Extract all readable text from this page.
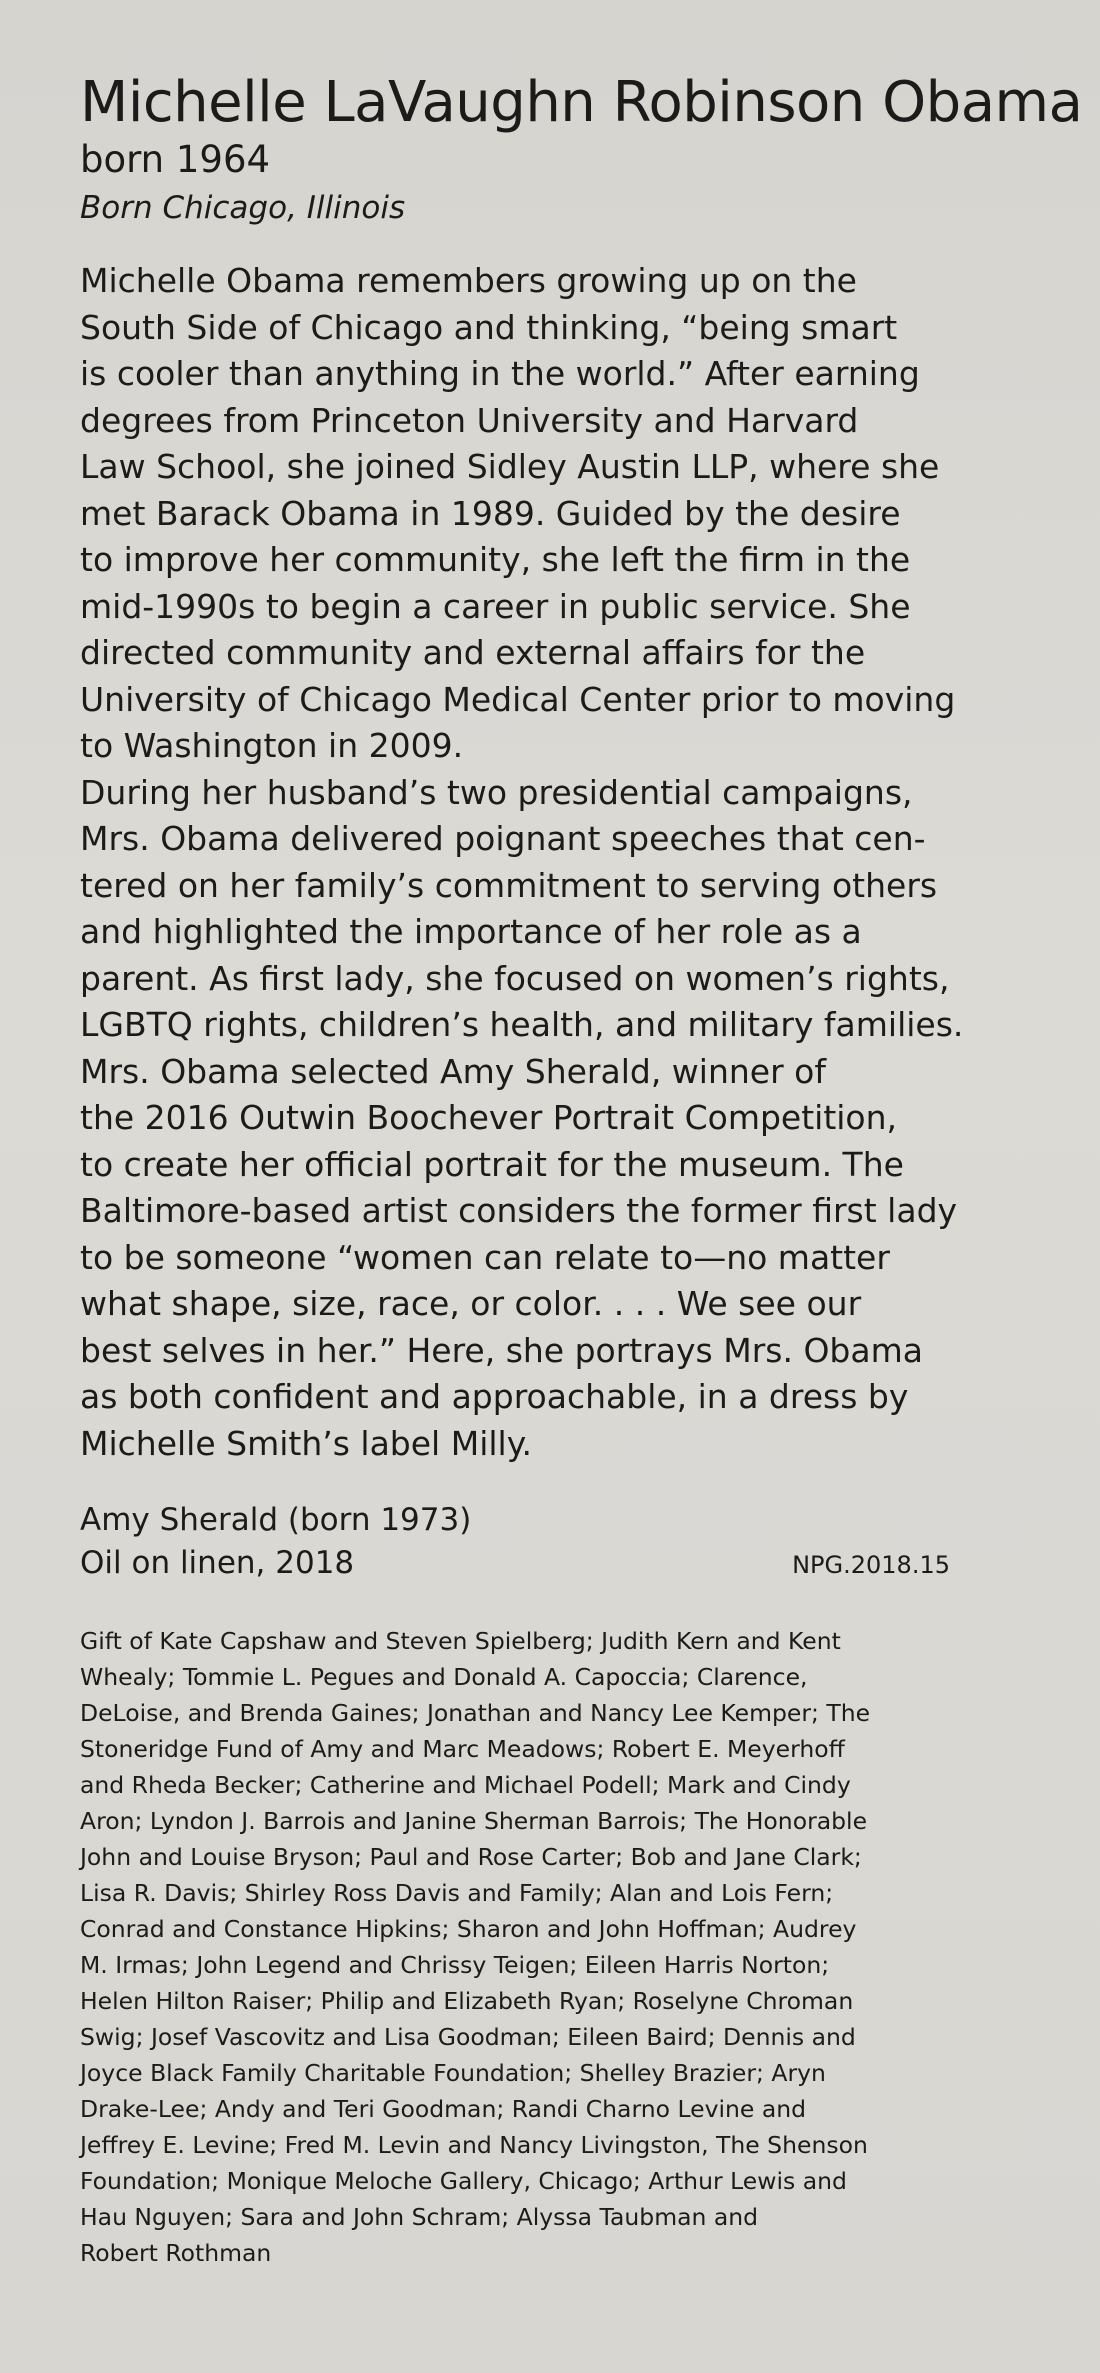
Michelle LaVaughn Robinson Obama
born 1964
Born Chicago, Illinois

Michelle Obama remembers growing up on the
South Side of Chicago and thinking, “being smart
is cooler than anything in the world.” After earning
degrees from Princeton University and Harvard
Law School, she joined Sidley Austin LLP, where she
met Barack Obama in 1989. Guided by the desire
to improve her community, she left the firm in the
mid-1990s to begin a career in public service. She
directed community and external affairs for the
University of Chicago Medical Center prior to moving
to Washington in 2009.

During her husband’s two presidential campaigns,
Mrs. Obama delivered poignant speeches that cen-
tered on her family’s commitment to serving others
and highlighted the importance of her role as a
parent. As first lady, she focused on women’s rights,
LGBTQ rights, children’s health, and military families.

Mrs. Obama selected Amy Sherald, winner of
the 2016 Outwin Boochever Portrait Competition,
to create her official portrait for the museum. The
Baltimore-based artist considers the former first lady
to be someone “women can relate to—no matter
what shape, size, race, or color. . . . We see our
best selves in her.” Here, she portrays Mrs. Obama
as both confident and approachable, in a dress by
Michelle Smith’s label Milly.

Amy Sherald (born 1973)
Oil on linen, 2018	NPG.2018.15
Gift of Kate Capshaw and Steven Spielberg; Judith Kern and Kent
Whealy; Tommie L. Pegues and Donald A. Capoccia; Clarence,
DeLoise, and Brenda Gaines; Jonathan and Nancy Lee Kemper; The
Stoneridge Fund of Amy and Marc Meadows; Robert E. Meyerhoff
and Rheda Becker; Catherine and Michael Podell; Mark and Cindy
Aron; Lyndon J. Barrois and Janine Sherman Barrois; The Honorable
John and Louise Bryson; Paul and Rose Carter; Bob and Jane Clark;
Lisa R. Davis; Shirley Ross Davis and Family; Alan and Lois Fern;
Conrad and Constance Hipkins; Sharon and John Hoffman; Audrey
M. Irmas; John Legend and Chrissy Teigen; Eileen Harris Norton;
Helen Hilton Raiser; Philip and Elizabeth Ryan; Roselyne Chroman
Swig; Josef Vascovitz and Lisa Goodman; Eileen Baird; Dennis and
Joyce Black Family Charitable Foundation; Shelley Brazier; Aryn
Drake-Lee; Andy and Teri Goodman; Randi Charno Levine and
Jeffrey E. Levine; Fred M. Levin and Nancy Livingston, The Shenson
Foundation; Monique Meloche Gallery, Chicago; Arthur Lewis and
Hau Nguyen; Sara and John Schram; Alyssa Taubman and
Robert Rothman
